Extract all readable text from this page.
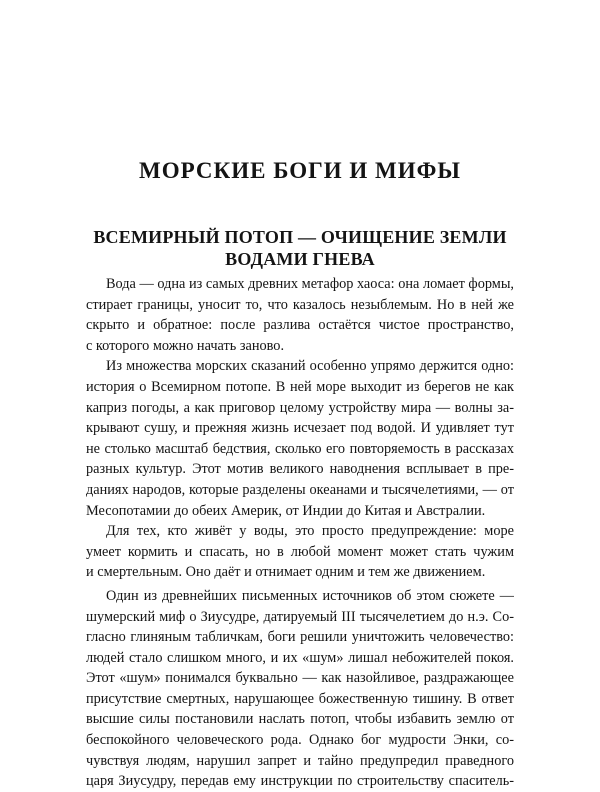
МОРСКИЕ БОГИ И МИФЫ
ВСЕМИРНЫЙ ПОТОП — ОЧИЩЕНИЕ ЗЕМЛИ
ВОДАМИ ГНЕВА

Вода — одна из самых древних метафор хаоса: она ломает формы,
стирает границы, уносит то, что казалось незыблемым. Но в ней же
скрыто и обратное: после разлива остаётся чистое пространство,
с которого можно начать заново.

Из множества морских сказаний особенно упрямо держится одно:
история о Всемирном потопе. В ней море выходит из берегов не как
каприз погоды, а как приговор целому устройству мира — волны за-
крывают сушу, и прежняя жизнь исчезает под водой. И удивляет тут
не столько масштаб бедствия, сколько его повторяемость в рассказах
разных культур. Этот мотив великого наводнения всплывает в пре-
даниях народов, которые разделены океанами и тысячелетиями, — от
Месопотамии до обеих Америк, от Индии до Китая и Австралии.

Для тех, кто живёт у воды, это просто предупреждение: море
умеет кормить и спасать, но в любой момент может стать чужим
и смертельным. Оно даёт и отнимает одним и тем же движением.

Один из древнейших письменных источников об этом сюжете —
шумерский миф о Зиусудре, датируемый III тысячелетием до н.э. Со-
гласно глиняным табличкам, боги решили уничтожить человечество:
людей стало слишком много, и их «шум» лишал небожителей покоя.
Этот «шум» понимался буквально — как назойливое, раздражающее
присутствие смертных, нарушающее божественную тишину. В ответ
высшие силы постановили наслать потоп, чтобы избавить землю от
беспокойного человеческого рода. Однако бог мудрости Энки, со-
чувствуя людям, нарушил запрет и тайно предупредил праведного
царя Зиусудру, передав ему инструкции по строительству спаситель-
